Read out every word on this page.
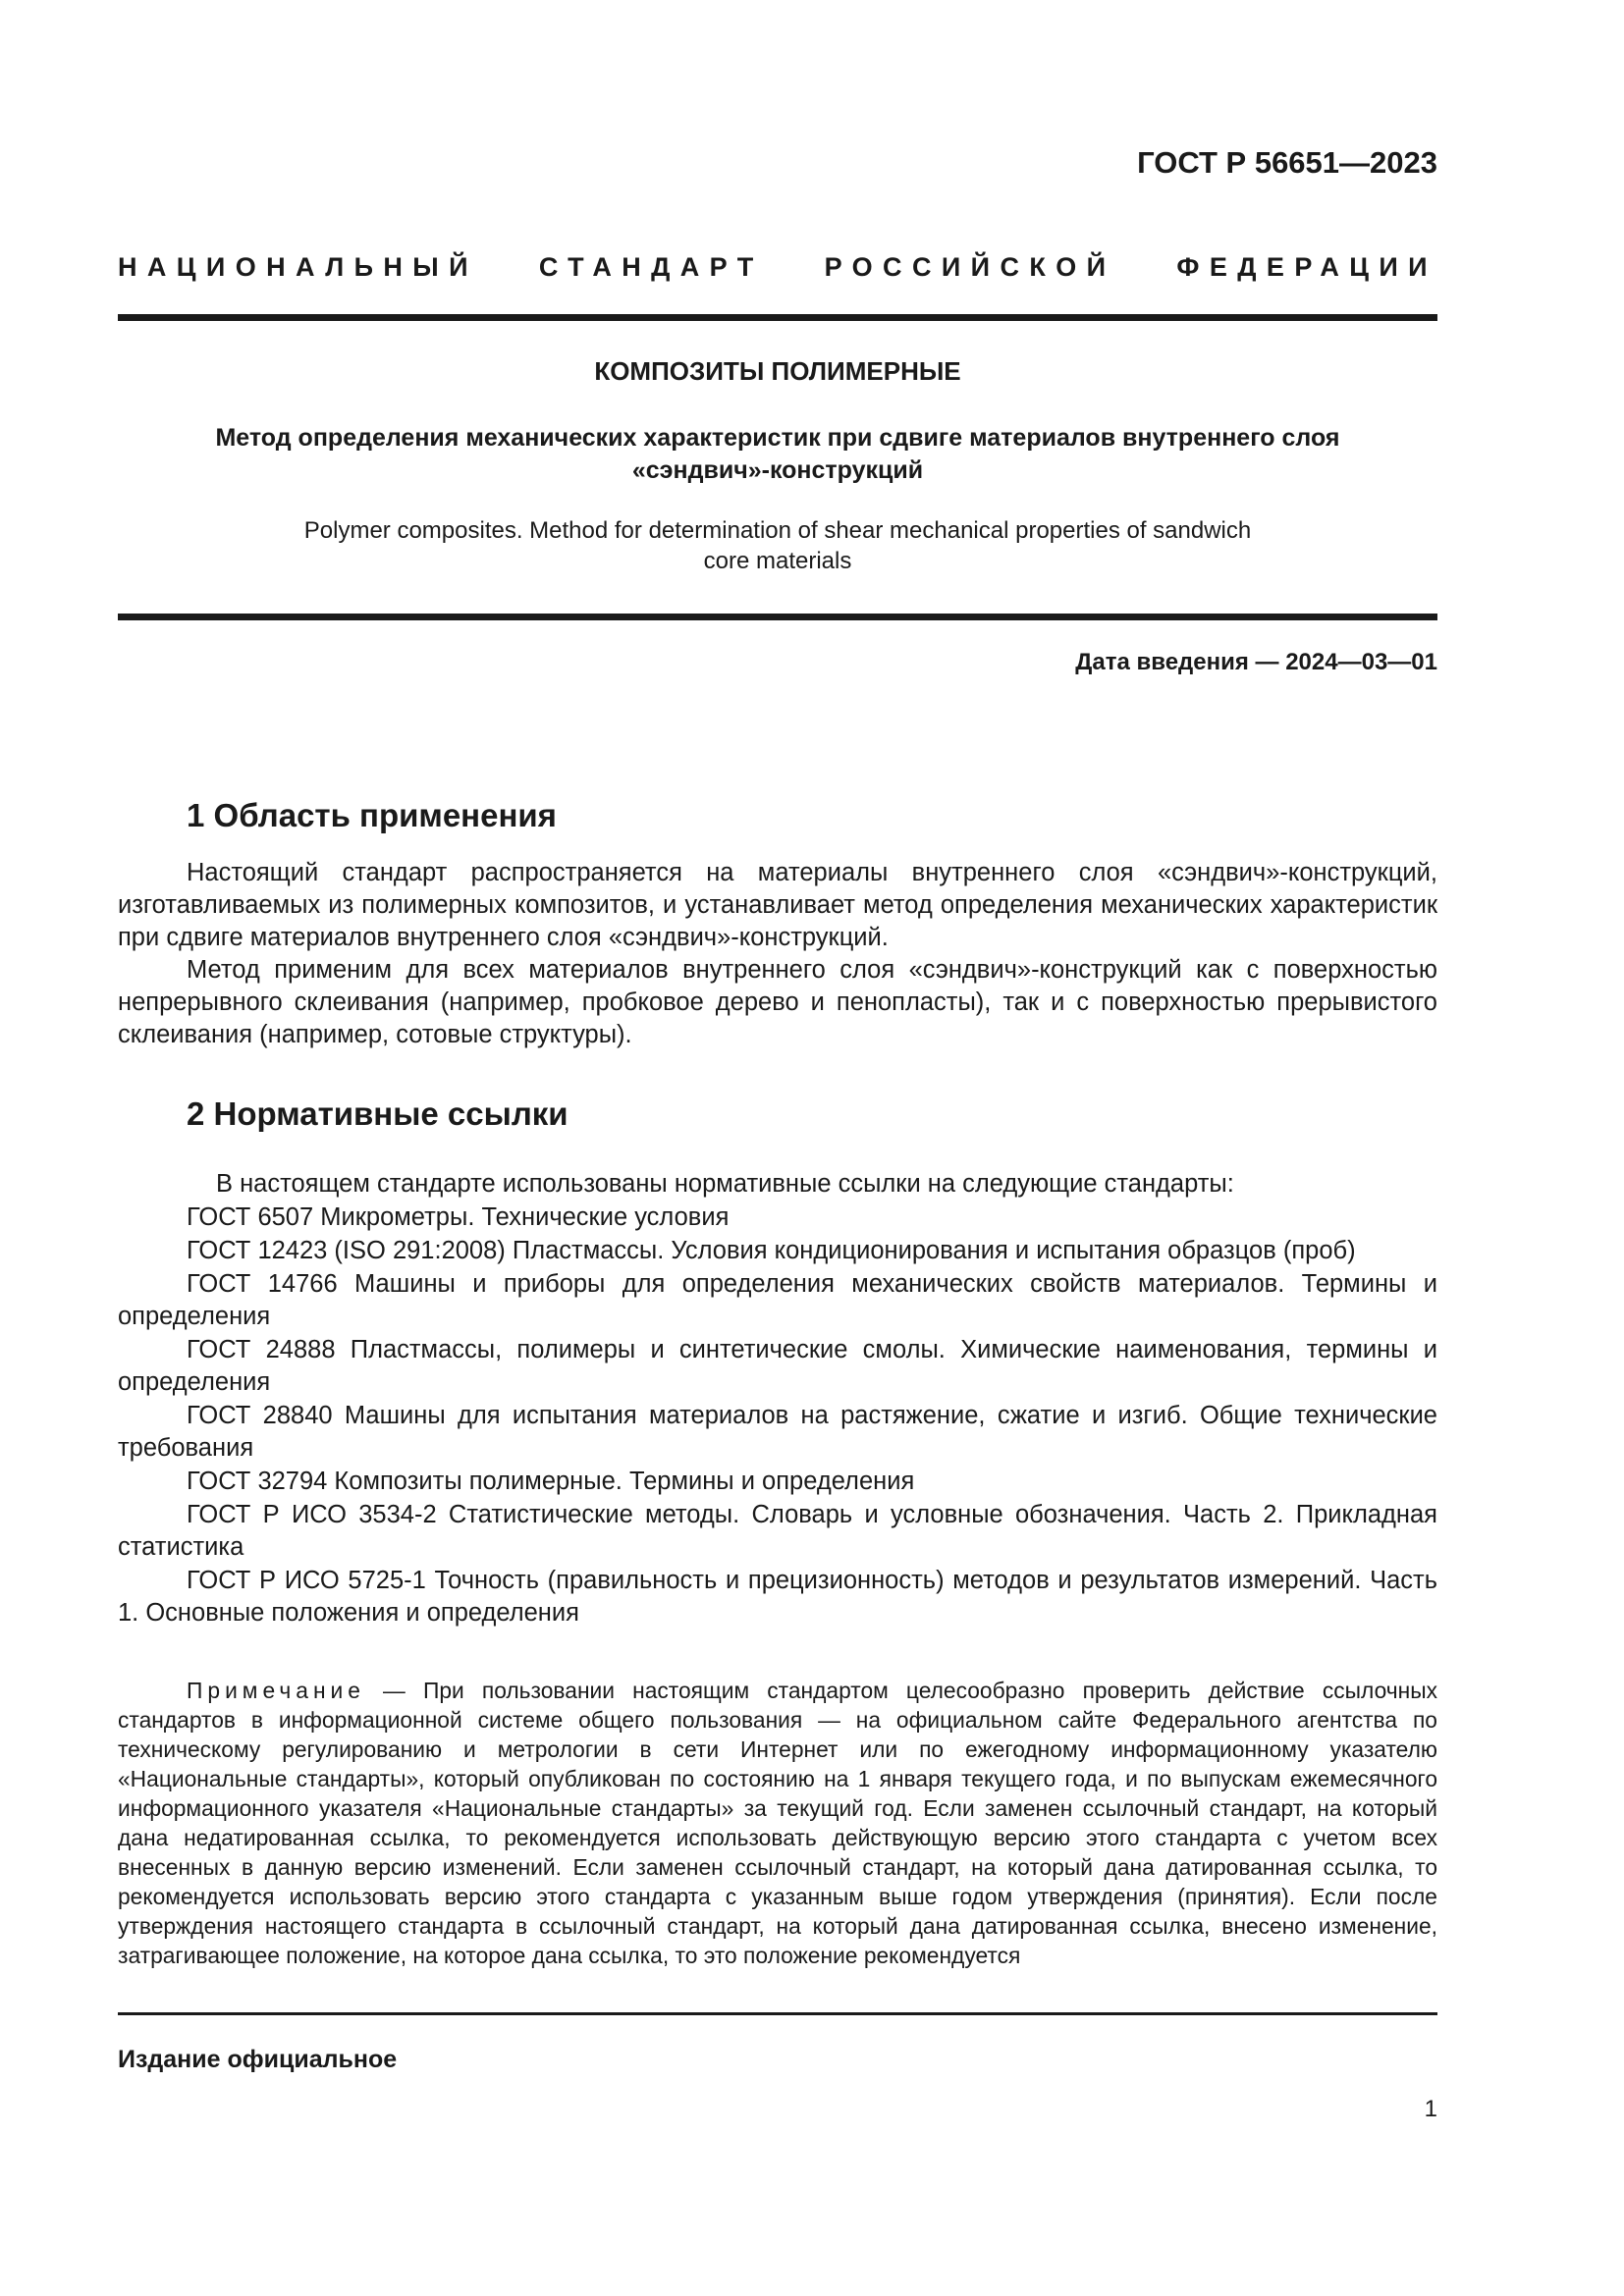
ГОСТ Р 56651—2023
НАЦИОНАЛЬНЫЙ СТАНДАРТ РОССИЙСКОЙ ФЕДЕРАЦИИ
КОМПОЗИТЫ ПОЛИМЕРНЫЕ
Метод определения механических характеристик при сдвиге материалов внутреннего слоя
«сэндвич»-конструкций
Polymer composites. Method for determination of shear mechanical properties of sandwich
core materials
Дата введения — 2024—03—01
1 Область применения

Настоящий стандарт распространяется на материалы внутреннего слоя «сэндвич»-конструкций, изготавливаемых из полимерных композитов, и устанавливает метод определения механических характеристик при сдвиге материалов внутреннего слоя «сэндвич»-конструкций.

Метод применим для всех материалов внутреннего слоя «сэндвич»-конструкций как с поверхностью непрерывного склеивания (например, пробковое дерево и пенопласты), так и с поверхностью прерывистого склеивания (например, сотовые структуры).

2 Нормативные ссылки

В настоящем стандарте использованы нормативные ссылки на следующие стандарты:

ГОСТ 6507 Микрометры. Технические условия

ГОСТ 12423 (ISO 291:2008) Пластмассы. Условия кондиционирования и испытания образцов (проб)

ГОСТ 14766 Машины и приборы для определения механических свойств материалов. Термины и определения

ГОСТ 24888 Пластмассы, полимеры и синтетические смолы. Химические наименования, термины и определения

ГОСТ 28840 Машины для испытания материалов на растяжение, сжатие и изгиб. Общие технические требования

ГОСТ 32794 Композиты полимерные. Термины и определения

ГОСТ Р ИСО 3534-2 Статистические методы. Словарь и условные обозначения. Часть 2. Прикладная статистика

ГОСТ Р ИСО 5725-1 Точность (правильность и прецизионность) методов и результатов измерений. Часть 1. Основные положения и определения

Примечание — При пользовании настоящим стандартом целесообразно проверить действие ссылочных стандартов в информационной системе общего пользования — на официальном сайте Федерального агентства по техническому регулированию и метрологии в сети Интернет или по ежегодному информационному указателю «Национальные стандарты», который опубликован по состоянию на 1 января текущего года, и по выпускам ежемесячного информационного указателя «Национальные стандарты» за текущий год. Если заменен ссылочный стандарт, на который дана недатированная ссылка, то рекомендуется использовать действующую версию этого стандарта с учетом всех внесенных в данную версию изменений. Если заменен ссылочный стандарт, на который дана датированная ссылка, то рекомендуется использовать версию этого стандарта с указанным выше годом утверждения (принятия). Если после утверждения настоящего стандарта в ссылочный стандарт, на который дана датированная ссылка, внесено изменение, затрагивающее положение, на которое дана ссылка, то это положение рекомендуется

Издание официальное
1
